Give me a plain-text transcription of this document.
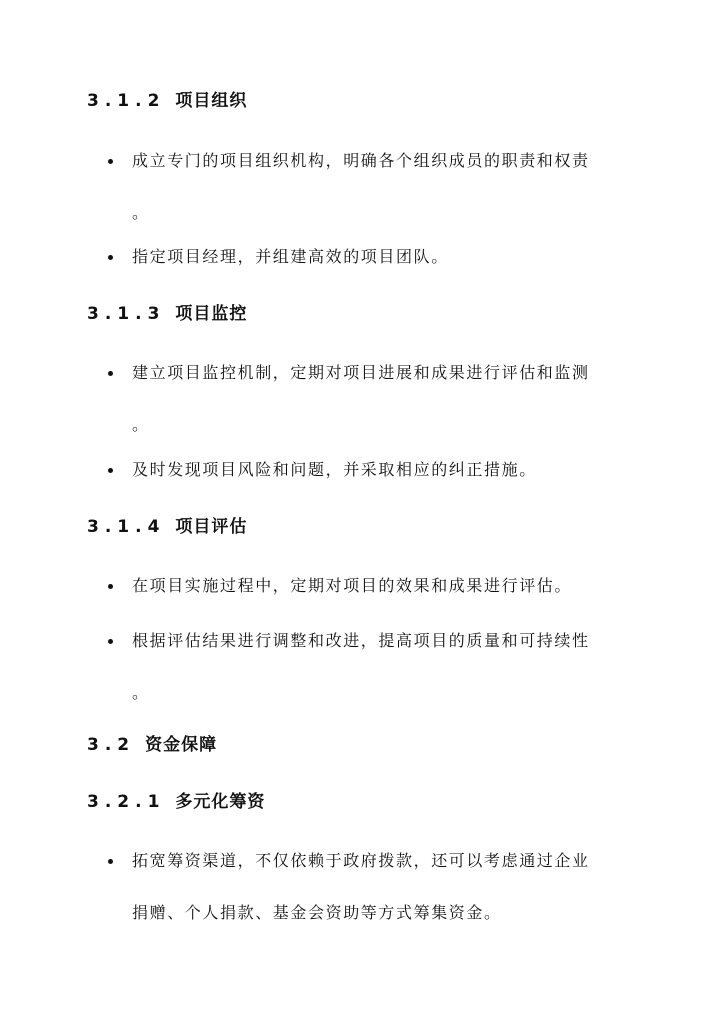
3.1.2 项目组织
成立专门的项目组织机构，明确各个组织成员的职责和权责
。
指定项目经理，并组建高效的项目团队。
3.1.3 项目监控
建立项目监控机制，定期对项目进展和成果进行评估和监测
。
及时发现项目风险和问题，并采取相应的纠正措施。
3.1.4 项目评估
在项目实施过程中，定期对项目的效果和成果进行评估。
根据评估结果进行调整和改进，提高项目的质量和可持续性
。
3.2 资金保障
3.2.1 多元化筹资
拓宽筹资渠道，不仅依赖于政府拨款，还可以考虑通过企业
捐赠、个人捐款、基金会资助等方式筹集资金。
